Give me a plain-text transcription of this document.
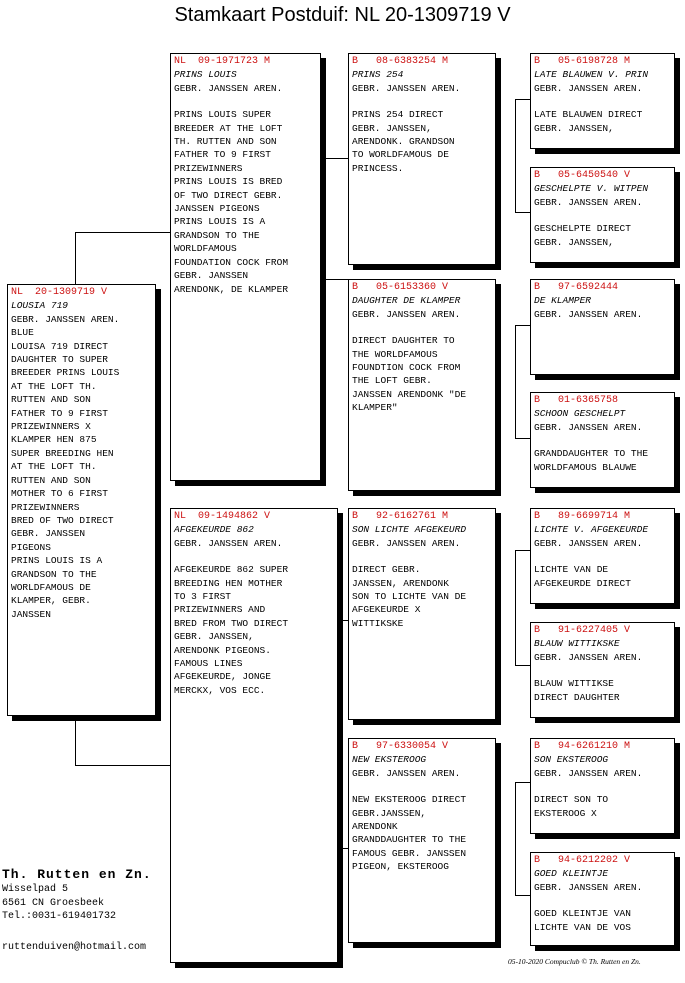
Stamkaart Postduif: NL 20-1309719 V
NL  20-1309719 V
LOUSIA 719
GEBR. JANSSEN AREN.
BLUE
LOUISA 719 DIRECT
DAUGHTER TO SUPER
BREEDER PRINS LOUIS
AT THE LOFT TH.
RUTTEN AND SON
FATHER TO 9 FIRST
PRIZEWINNERS X
KLAMPER HEN 875
SUPER BREEDING HEN
AT THE LOFT TH.
RUTTEN AND SON
MOTHER TO 6 FIRST
PRIZEWINNERS
BRED OF TWO DIRECT
GEBR. JANSSEN
PIGEONS
PRINS LOUIS IS A
GRANDSON TO THE
WORLDFAMOUS DE
KLAMPER, GEBR.
JANSSEN
NL  09-1971723 M
PRINS LOUIS
GEBR. JANSSEN AREN.
PRINS LOUIS SUPER
BREEDER AT THE LOFT
TH. RUTTEN AND SON
FATHER TO 9 FIRST
PRIZEWINNERS
PRINS LOUIS IS BRED
OF TWO DIRECT GEBR.
JANSSEN PIGEONS
PRINS LOUIS IS A
GRANDSON TO THE
WORLDFAMOUS
FOUNDATION COCK FROM
GEBR. JANSSEN
ARENDONK, DE KLAMPER
NL  09-1494862 V
AFGEKEURDE 862
GEBR. JANSSEN AREN.
AFGEKEURDE 862 SUPER
BREEDING HEN MOTHER
TO 3 FIRST
PRIZEWINNERS AND
BRED FROM TWO DIRECT
GEBR. JANSSEN,
ARENDONK PIGEONS.
FAMOUS LINES
AFGEKEURDE, JONGE
MERCKX, VOS ECC.
B   08-6383254 M
PRINS 254
GEBR. JANSSEN AREN.
PRINS 254 DIRECT
GEBR. JANSSEN,
ARENDONK. GRANDSON
TO WORLDFAMOUS DE
PRINCESS.
B   05-6153360 V
DAUGHTER DE KLAMPER
GEBR. JANSSEN AREN.
DIRECT DAUGHTER TO
THE WORLDFAMOUS
FOUNDTION COCK FROM
THE LOFT GEBR.
JANSSEN ARENDONK "DE
KLAMPER"
B   92-6162761 M
SON LICHTE AFGEKEURD
GEBR. JANSSEN AREN.
DIRECT GEBR.
JANSSEN, ARENDONK
SON TO LICHTE VAN DE
AFGEKEURDE X
WITTIKSKE
B   97-6330054 V
NEW EKSTEROOG
GEBR. JANSSEN AREN.
NEW EKSTEROOG DIRECT
GEBR.JANSSEN,
ARENDONK
GRANDDAUGHTER TO THE
FAMOUS GEBR. JANSSEN
PIGEON, EKSTEROOG
B   05-6198728 M
LATE BLAUWEN V. PRIN
GEBR. JANSSEN AREN.
LATE BLAUWEN DIRECT
GEBR. JANSSEN,
B   05-6450540 V
GESCHELPTE V. WITPEN
GEBR. JANSSEN AREN.
GESCHELPTE DIRECT
GEBR. JANSSEN,
B   97-6592444
DE KLAMPER
GEBR. JANSSEN AREN.
B   01-6365758
SCHOON GESCHELPT
GEBR. JANSSEN AREN.
GRANDDAUGHTER TO THE
WORLDFAMOUS BLAUWE
B   89-6699714 M
LICHTE V. AFGEKEURDE
GEBR. JANSSEN AREN.
LICHTE VAN DE
AFGEKEURDE DIRECT
B   91-6227405 V
BLAUW WITTIKSKE
GEBR. JANSSEN AREN.
BLAUW WITTIKSE
DIRECT DAUGHTER
B   94-6261210 M
SON EKSTEROOG
GEBR. JANSSEN AREN.
DIRECT SON TO
EKSTEROOG X
B   94-6212202 V
GOED KLEINTJE
GEBR. JANSSEN AREN.
GOED KLEINTJE VAN
LICHTE VAN DE VOS
Th. Rutten en Zn.
Wisselpad 5
6561 CN Groesbeek
Tel.:0031-619401732
ruttenduiven@hotmail.com
05-10-2020 Compuclub © Th. Rutten en Zn.
